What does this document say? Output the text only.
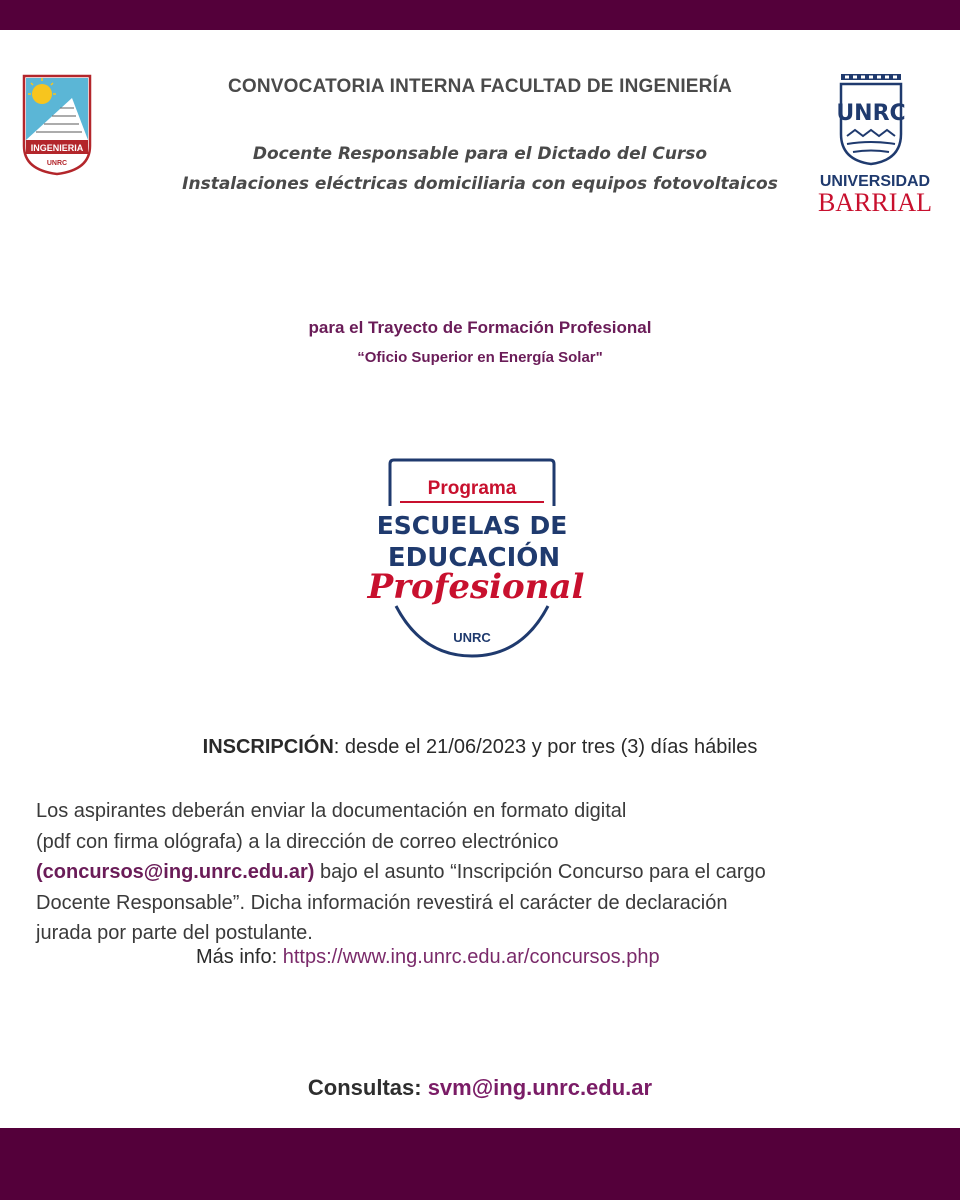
INGENIERIA
UNRC
UNRC
UNIVERSIDAD
BARRIAL
CONVOCATORIA INTERNA FACULTAD DE INGENIERÍA
Docente Responsable para el Dictado del Curso
Instalaciones eléctricas domiciliaria con equipos fotovoltaicos
para el Trayecto de Formación Profesional
“Oficio Superior en Energía Solar"
Programa
ESCUELAS DE
EDUCACIÓN
Profesional
UNRC
INSCRIPCIÓN: desde el 21/06/2023 y por tres (3) días hábiles
Los aspirantes deberán enviar la documentación en formato digital
(pdf con firma ológrafa) a la dirección de correo electrónico
(concursos@ing.unrc.edu.ar) bajo el asunto “Inscripción Concurso para el cargo
Docente Responsable”. Dicha información revestirá el carácter de declaración
jurada por parte del postulante.
Más info: https://www.ing.unrc.edu.ar/concursos.php
Consultas: svm@ing.unrc.edu.ar
